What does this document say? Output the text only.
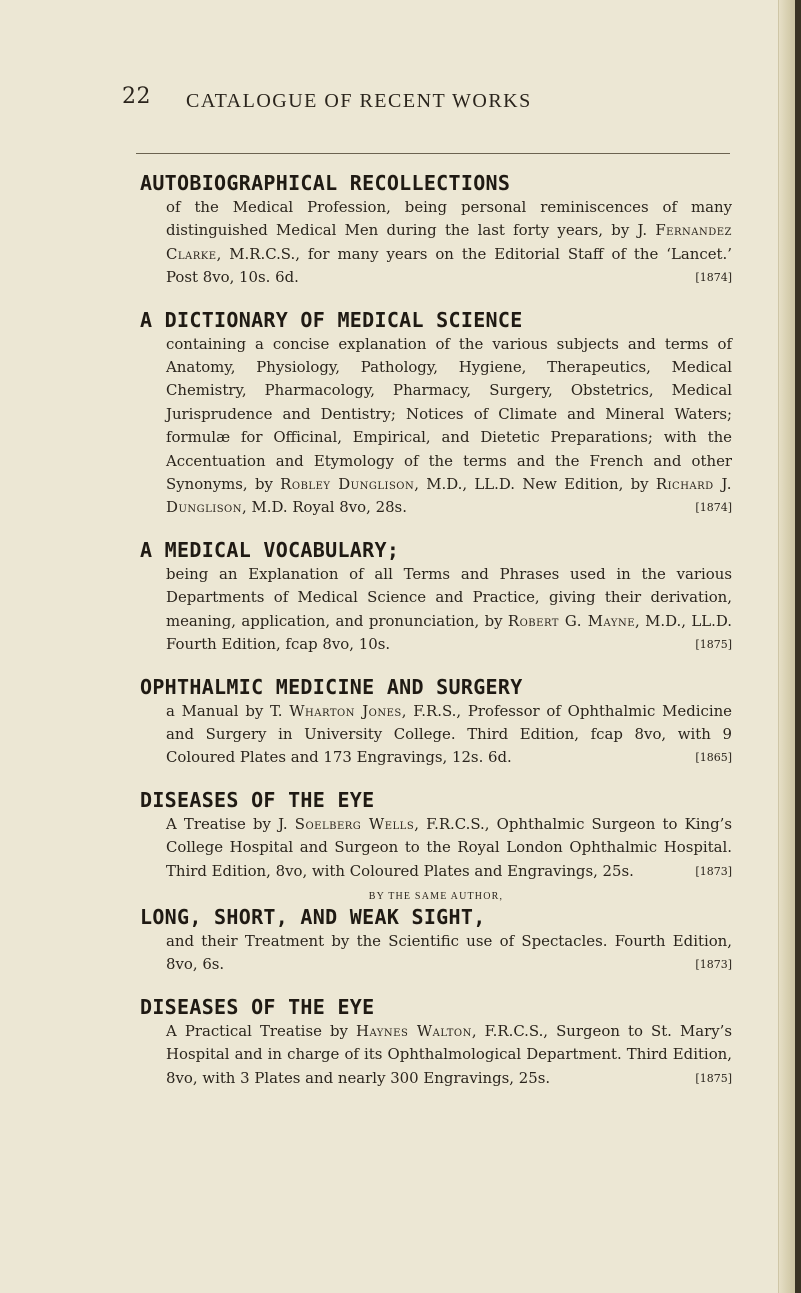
22 CATALOGUE OF RECENT WORKS

AUTOBIOGRAPHICAL RECOLLECTIONS

of the Medical Profession, being personal reminiscences of many distinguished Medical Men during the last forty years, by J. Fernandez Clarke, M.R.C.S., for many years on the Editorial Staff of the ‘Lancet.’ Post 8vo, 10s. 6d.	[1874]

A DICTIONARY OF MEDICAL SCIENCE

containing a concise explanation of the various subjects and terms of Anatomy, Physiology, Pathology, Hygiene, Therapeutics, Medical Chemistry, Pharmacology, Pharmacy, Surgery, Obstetrics, Medical Jurisprudence and Dentistry; Notices of Climate and Mineral Waters; formulæ for Officinal, Empirical, and Dietetic Preparations; with the Accentuation and Etymology of the terms and the French and other Synonyms, by Robley Dunglison, M.D., LL.D. New Edition, by Richard J. Dunglison, M.D. Royal 8vo, 28s.	[1874]

A MEDICAL VOCABULARY;

being an Explanation of all Terms and Phrases used in the various Departments of Medical Science and Practice, giving their derivation, meaning, application, and pronunciation, by Robert G. Mayne, M.D., LL.D. Fourth Edition, fcap 8vo, 10s.	[1875]

OPHTHALMIC MEDICINE AND SURGERY

a Manual by T. Wharton Jones, F.R.S., Professor of Ophthalmic Medicine and Surgery in University College. Third Edition, fcap 8vo, with 9 Coloured Plates and 173 Engravings, 12s. 6d.	[1865]

DISEASES OF THE EYE

A Treatise by J. Soelberg Wells, F.R.C.S., Ophthalmic Surgeon to King’s College Hospital and Surgeon to the Royal London Ophthalmic Hospital. Third Edition, 8vo, with Coloured Plates and Engravings, 25s.	[1873]

BY THE SAME AUTHOR,

LONG, SHORT, AND WEAK SIGHT,

and their Treatment by the Scientific use of Spectacles. Fourth Edition, 8vo, 6s.	[1873]

DISEASES OF THE EYE

A Practical Treatise by Haynes Walton, F.R.C.S., Surgeon to St. Mary’s Hospital and in charge of its Ophthalmological Department. Third Edition, 8vo, with 3 Plates and nearly 300 Engravings, 25s.	[1875]
